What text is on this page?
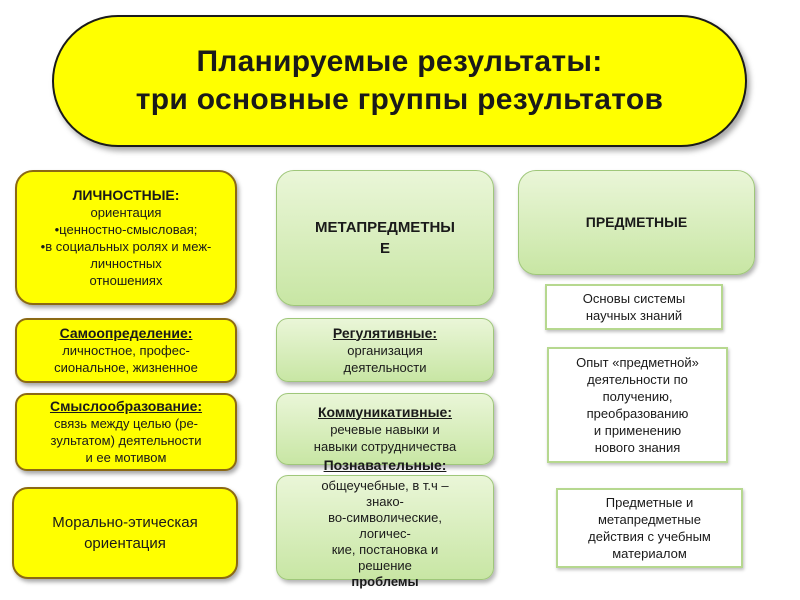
Планируемые результаты:
три основные группы результатов
ЛИЧНОСТНЫЕ:
ориентация
•ценностно-смысловая;
•в социальных ролях и меж-
личностных
отношениях
Самоопределение:
личностное, профес-
сиональное, жизненное
Смыслообразование:
связь между целью (ре-
зультатом) деятельности
и ее мотивом
Морально-этическая
ориентация
МЕТАПРЕДМЕТНЫ
Е
Регулятивные:
организация
деятельности
Коммуникативные:
речевые навыки и
навыки сотрудничества
общеучебные, в т.ч –
знако-
во-символические,
логичес-
кие, постановка и
решение
проблемы
Познавательные:
ПРЕДМЕТНЫЕ
Основы системы
научных знаний
Опыт «предметной»
деятельности по
получению,
преобразованию
и применению
нового знания
Предметные и
метапредметные
действия с учебным
материалом
